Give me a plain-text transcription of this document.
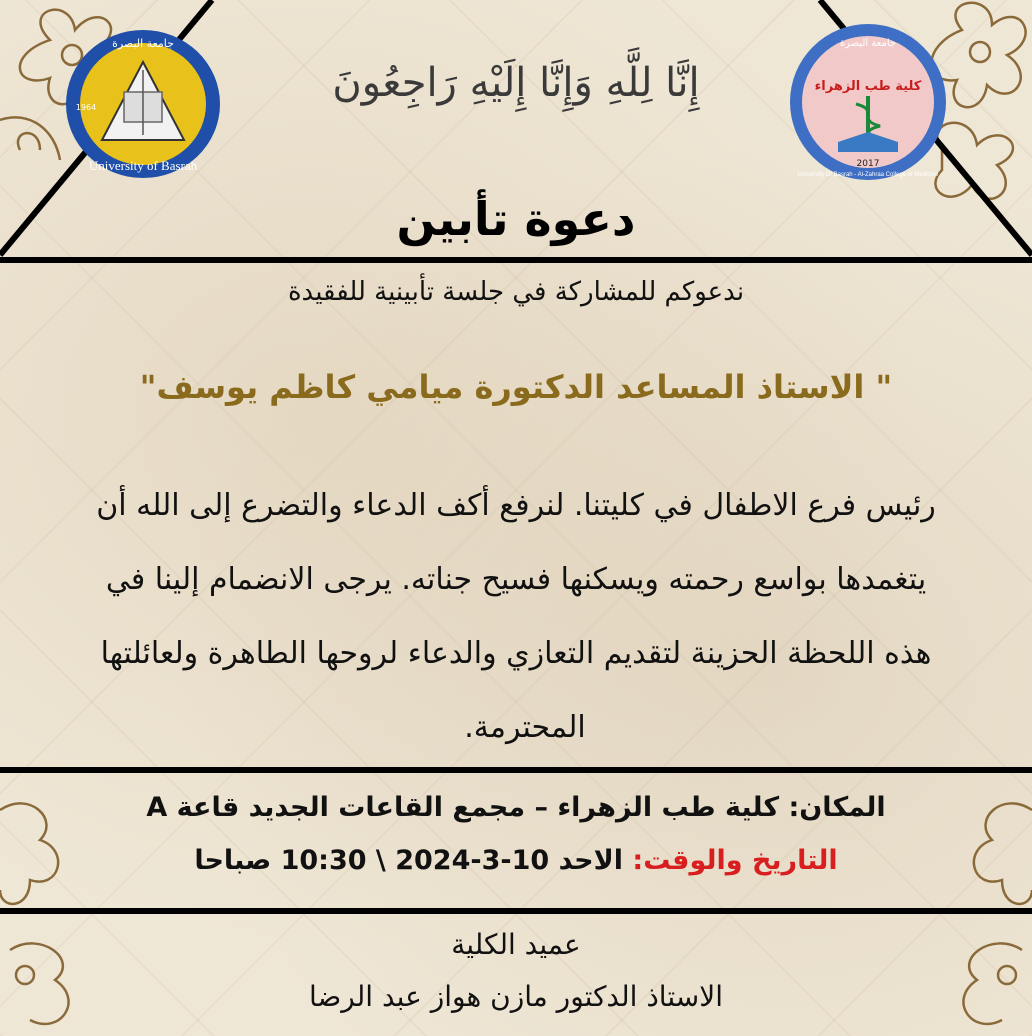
University of Basrah
جامعة البصرة
1964
كلية طب الزهراء
جامعة البصرة
2017
University Of Basrah - Al-Zahraa College of Medicine
إِنَّا لِلَّهِ وَإِنَّا إِلَيْهِ رَاجِعُونَ
دعوة تأبين
ندعوكم للمشاركة في جلسة تأبينية للفقيدة
" الاستاذ المساعد الدكتورة ميامي كاظم يوسف"
رئيس فرع الاطفال في كليتنا. لنرفع أكف الدعاء والتضرع إلى الله أن
يتغمدها بواسع رحمته ويسكنها فسيح جناته. يرجى الانضمام إلينا في
هذه اللحظة الحزينة لتقديم التعازي والدعاء لروحها الطاهرة ولعائلتها
المحترمة.
المكان: كلية طب الزهراء – مجمع القاعات الجديد قاعة A
التاريخ والوقت: الاحد 10-3-2024 \ 10:30 صباحا
عميد الكلية
الاستاذ الدكتور مازن هواز عبد الرضا
